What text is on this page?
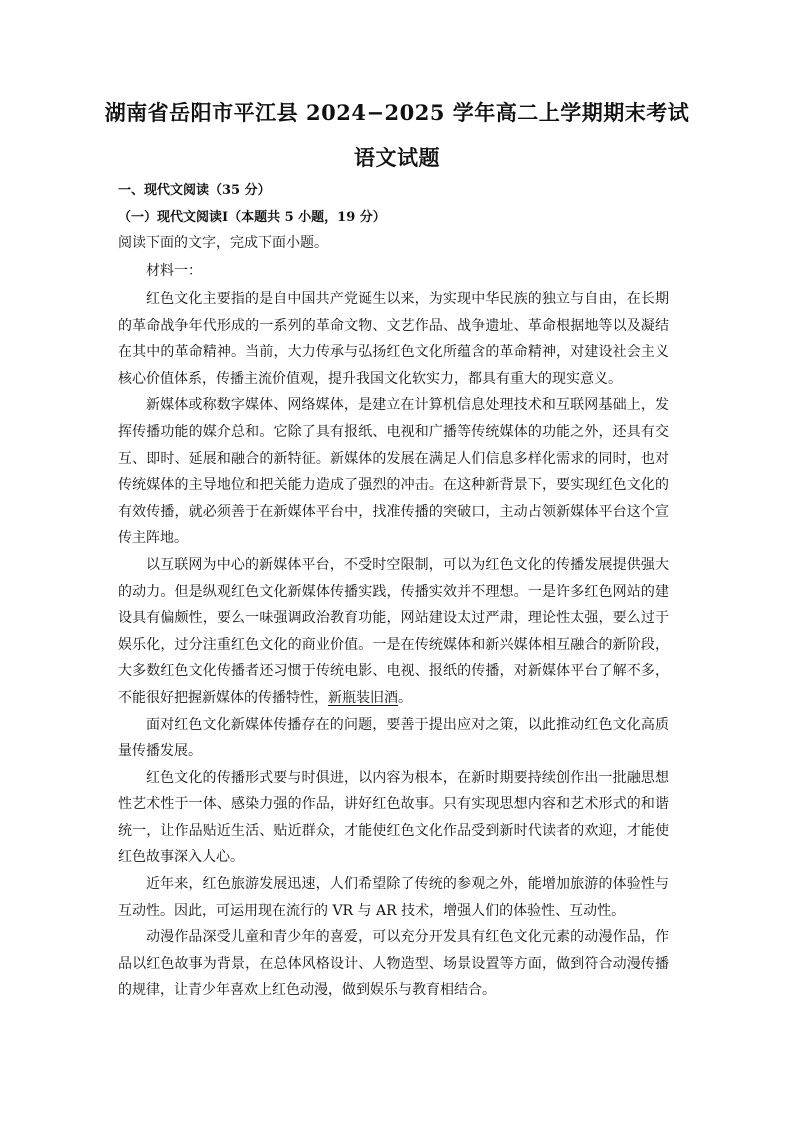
湖南省岳阳市平江县 2024−2025 学年高二上学期期末考试
语文试题
一、现代文阅读（35 分）
（一）现代文阅读Ⅰ（本题共 5 小题，19 分）
阅读下面的文字，完成下面小题。
材料一：

红色文化主要指的是自中国共产党诞生以来，为实现中华民族的独立与自由，在长期的革命战争年代形成的一系列的革命文物、文艺作品、战争遗址、革命根据地等以及凝结在其中的革命精神。当前，大力传承与弘扬红色文化所蕴含的革命精神，对建设社会主义核心价值体系，传播主流价值观，提升我国文化软实力，都具有重大的现实意义。

新媒体或称数字媒体、网络媒体，是建立在计算机信息处理技术和互联网基础上，发挥传播功能的媒介总和。它除了具有报纸、电视和广播等传统媒体的功能之外，还具有交互、即时、延展和融合的新特征。新媒体的发展在满足人们信息多样化需求的同时，也对传统媒体的主导地位和把关能力造成了强烈的冲击。在这种新背景下，要实现红色文化的有效传播，就必须善于在新媒体平台中，找准传播的突破口，主动占领新媒体平台这个宣传主阵地。

以互联网为中心的新媒体平台，不受时空限制，可以为红色文化的传播发展提供强大的动力。但是纵观红色文化新媒体传播实践，传播实效并不理想。一是许多红色网站的建设具有偏颇性，要么一味强调政治教育功能，网站建设太过严肃，理论性太强，要么过于娱乐化，过分注重红色文化的商业价值。一是在传统媒体和新兴媒体相互融合的新阶段，大多数红色文化传播者还习惯于传统电影、电视、报纸的传播，对新媒体平台了解不多，不能很好把握新媒体的传播特性，新瓶装旧酒。

面对红色文化新媒体传播存在的问题，要善于提出应对之策，以此推动红色文化高质量传播发展。

红色文化的传播形式要与时俱进，以内容为根本，在新时期要持续创作出一批融思想性艺术性于一体、感染力强的作品，讲好红色故事。只有实现思想内容和艺术形式的和谐统一，让作品贴近生活、贴近群众，才能使红色文化作品受到新时代读者的欢迎，才能使红色故事深入人心。

近年来，红色旅游发展迅速，人们希望除了传统的参观之外，能增加旅游的体验性与互动性。因此，可运用现在流行的 VR 与 AR 技术，增强人们的体验性、互动性。

动漫作品深受儿童和青少年的喜爱，可以充分开发具有红色文化元素的动漫作品，作品以红色故事为背景，在总体风格设计、人物造型、场景设置等方面，做到符合动漫传播的规律，让青少年喜欢上红色动漫，做到娱乐与教育相结合。
